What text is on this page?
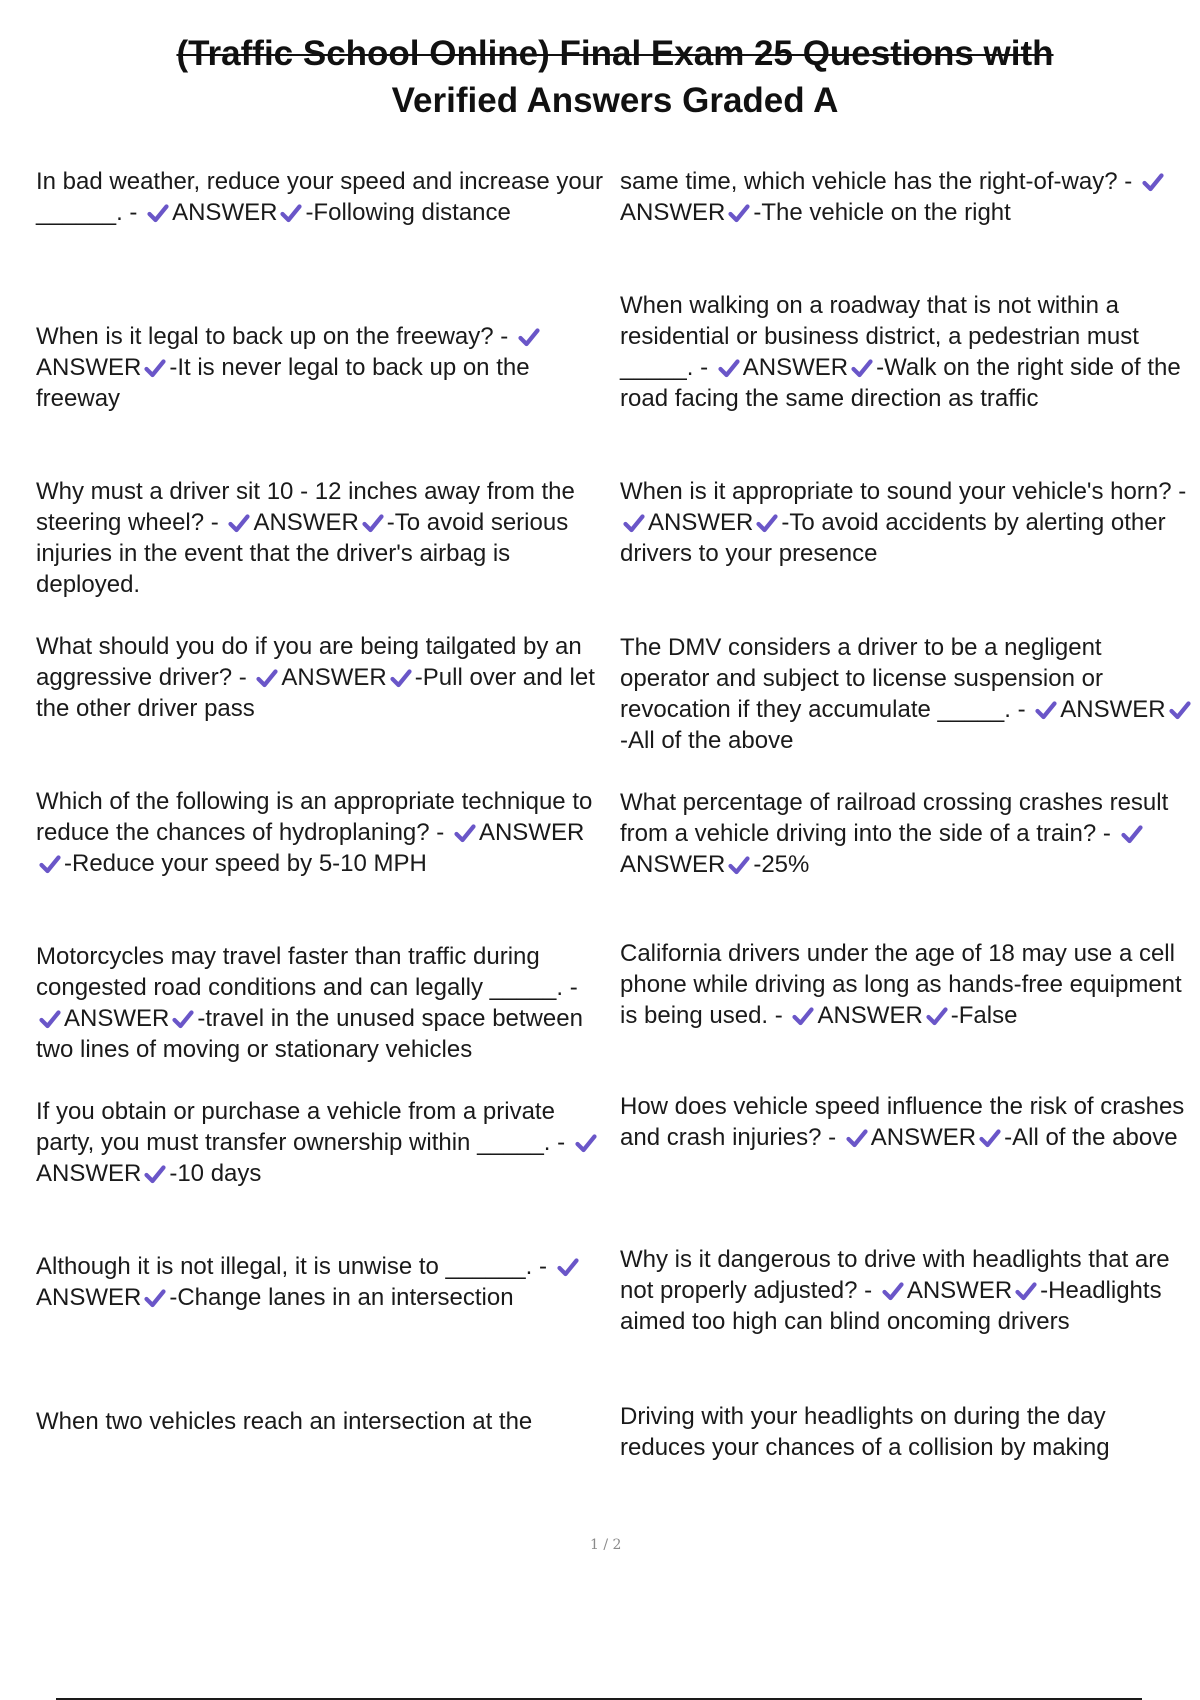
(Traffic School Online) Final Exam 25 Questions with
Verified Answers Graded A

In bad weather, reduce your speed and increase your ______. - ANSWER -Following distance

When is it legal to back up on the freeway? - ANSWER -It is never legal to back up on the freeway

Why must a driver sit 10 - 12 inches away from the steering wheel? - ANSWER -To avoid serious injuries in the event that the driver's airbag is deployed.

What should you do if you are being tailgated by an aggressive driver? - ANSWER -Pull over and let the other driver pass

Which of the following is an appropriate technique to reduce the chances of hydroplaning? - ANSWER-Reduce your speed by 5-10 MPH

Motorcycles may travel faster than traffic during congested road conditions and can legally _____. - ANSWER -travel in the unused space between two lines of moving or stationary vehicles

If you obtain or purchase a vehicle from a private party, you must transfer ownership within _____. - ANSWER -10 days

Although it is not illegal, it is unwise to ______. - ANSWER -Change lanes in an intersection

When two vehicles reach an intersection at the

same time, which vehicle has the right-of-way? - ANSWER -The vehicle on the right

When walking on a roadway that is not within a residential or business district, a pedestrian must _____. - ANSWER -Walk on the right side of the road facing the same direction as traffic

When is it appropriate to sound your vehicle's horn? - ANSWER -To avoid accidents by alerting other drivers to your presence

The DMV considers a driver to be a negligent operator and subject to license suspension or revocation if they accumulate _____. - ANSWER-All of the above

What percentage of railroad crossing crashes result from a vehicle driving into the side of a train? - ANSWER -25%

California drivers under the age of 18 may use a cell phone while driving as long as hands-free equipment is being used. - ANSWER -False

How does vehicle speed influence the risk of crashes and crash injuries? - ANSWER -All of the above

Why is it dangerous to drive with headlights that are not properly adjusted? - ANSWER -Headlights aimed too high can blind oncoming drivers

Driving with your headlights on during the day reduces your chances of a collision by making

1 / 2
